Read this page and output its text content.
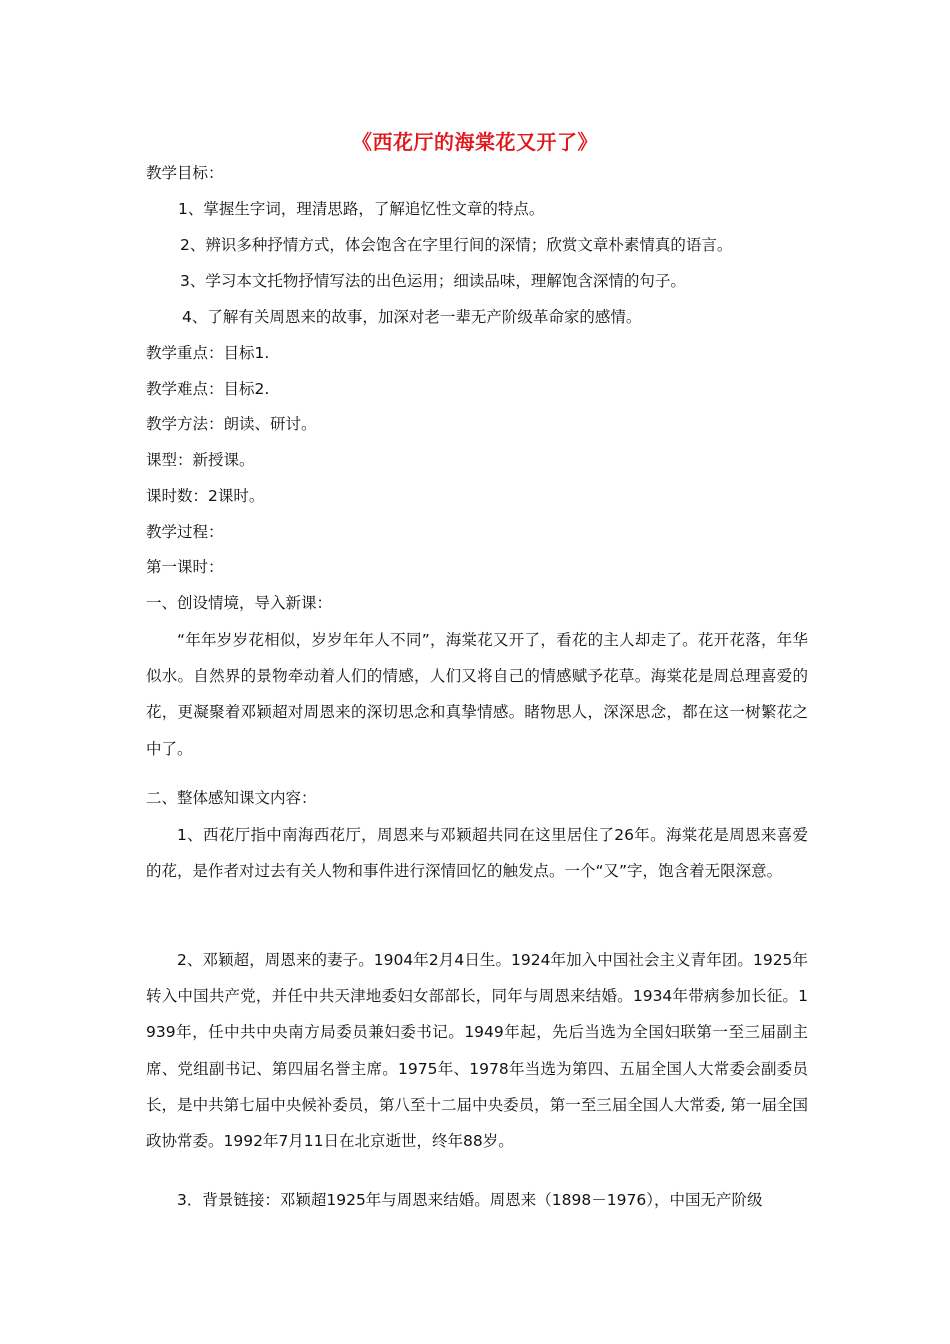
《西花厅的海棠花又开了》
教学目标：
1、掌握生字词，理清思路，了解追忆性文章的特点。
2、辨识多种抒情方式，体会饱含在字里行间的深情；欣赏文章朴素情真的语言。
3、学习本文托物抒情写法的出色运用；细读品味，理解饱含深情的句子。
4、了解有关周恩来的故事，加深对老一辈无产阶级革命家的感情。
教学重点：目标1.
教学难点：目标2.
教学方法：朗读、研讨。
课型：新授课。
课时数：2课时。
教学过程：
第一课时：
一、创设情境，导入新课：
“年年岁岁花相似，岁岁年年人不同”，海棠花又开了，看花的主人却走了。花开花落，年华似水。自然界的景物牵动着人们的情感，人们又将自己的情感赋予花草。海棠花是周总理喜爱的花，更凝聚着邓颖超对周恩来的深切思念和真挚情感。睹物思人，深深思念，都在这一树繁花之中了。
二、整体感知课文内容：
1、西花厅指中南海西花厅，周恩来与邓颖超共同在这里居住了26年。海棠花是周恩来喜爱的花，是作者对过去有关人物和事件进行深情回忆的触发点。一个“又”字，饱含着无限深意。
2、邓颖超，周恩来的妻子。1904年2月4日生。1924年加入中国社会主义青年团。1925年转入中国共产党，并任中共天津地委妇女部部长，同年与周恩来结婚。1934年带病参加长征。1939年，任中共中央南方局委员兼妇委书记。1949年起，先后当选为全国妇联第一至三届副主席、党组副书记、第四届名誉主席。1975年、1978年当选为第四、五届全国人大常委会副委员长，是中共第七届中央候补委员，第八至十二届中央委员，第一至三届全国人大常委, 第一届全国政协常委。1992年7月11日在北京逝世，终年88岁。
3．背景链接：邓颖超1925年与周恩来结婚。周恩来（1898－1976），中国无产阶级
